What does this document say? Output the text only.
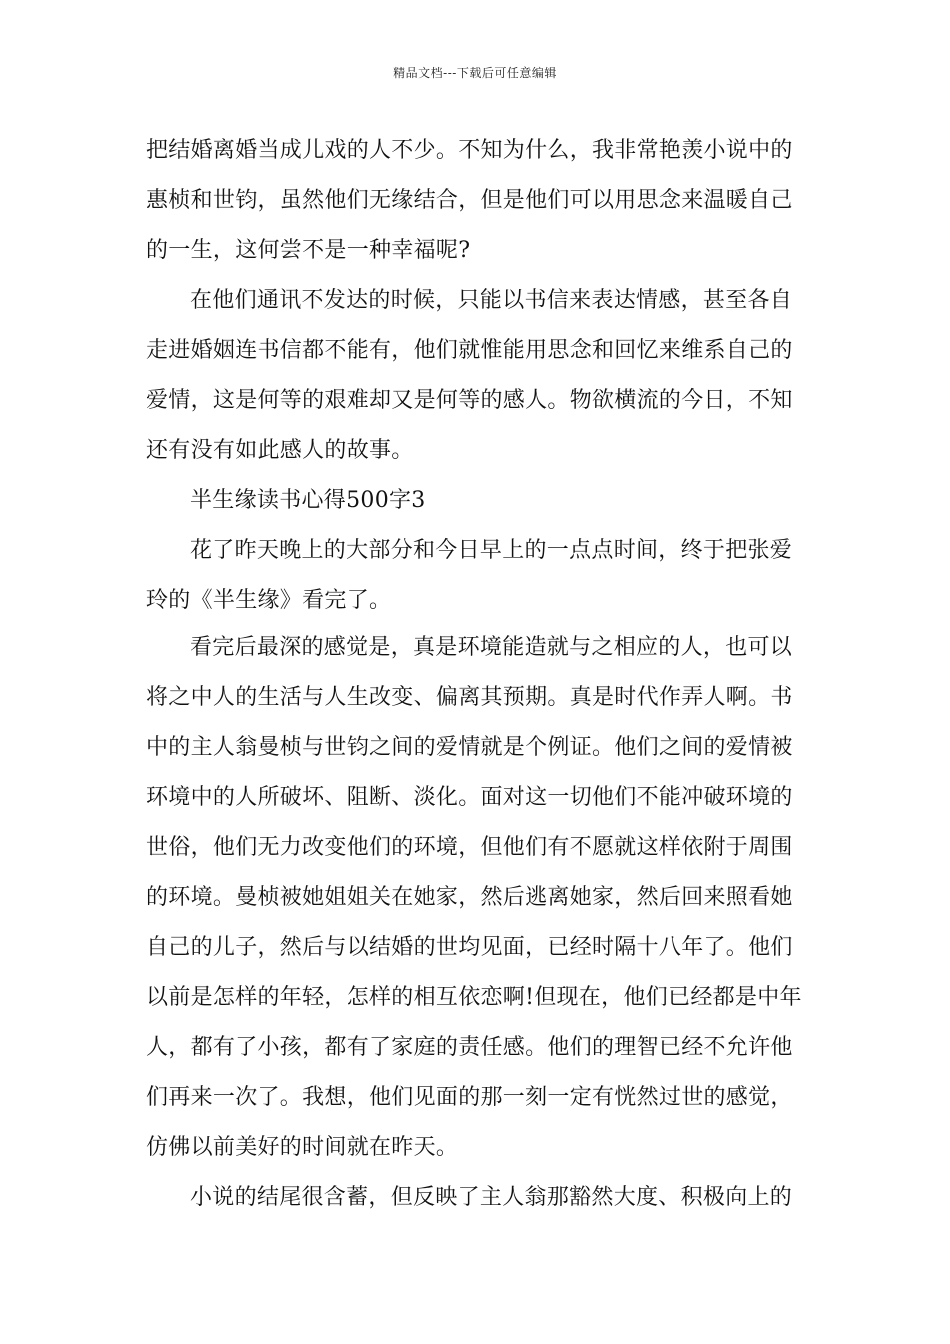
精品文档---下载后可任意编辑
把结婚离婚当成儿戏的人不少。不知为什么，我非常艳羡小说中的
惠桢和世钧，虽然他们无缘结合，但是他们可以用思念来温暖自己
的一生，这何尝不是一种幸福呢?
在他们通讯不发达的时候，只能以书信来表达情感，甚至各自
走进婚姻连书信都不能有，他们就惟能用思念和回忆来维系自己的
爱情，这是何等的艰难却又是何等的感人。物欲横流的今日，不知
还有没有如此感人的故事。
半生缘读书心得500字3
花了昨天晚上的大部分和今日早上的一点点时间，终于把张爱
玲的《半生缘》看完了。
看完后最深的感觉是，真是环境能造就与之相应的人，也可以
将之中人的生活与人生改变、偏离其预期。真是时代作弄人啊。书
中的主人翁曼桢与世钧之间的爱情就是个例证。他们之间的爱情被
环境中的人所破坏、阻断、淡化。面对这一切他们不能冲破环境的
世俗，他们无力改变他们的环境，但他们有不愿就这样依附于周围
的环境。曼桢被她姐姐关在她家，然后逃离她家，然后回来照看她
自己的儿子，然后与以结婚的世均见面，已经时隔十八年了。他们
以前是怎样的年轻，怎样的相互依恋啊!但现在，他们已经都是中年
人，都有了小孩，都有了家庭的责任感。他们的理智已经不允许他
们再来一次了。我想，他们见面的那一刻一定有恍然过世的感觉，
仿佛以前美好的时间就在昨天。
小说的结尾很含蓄，但反映了主人翁那豁然大度、积极向上的
